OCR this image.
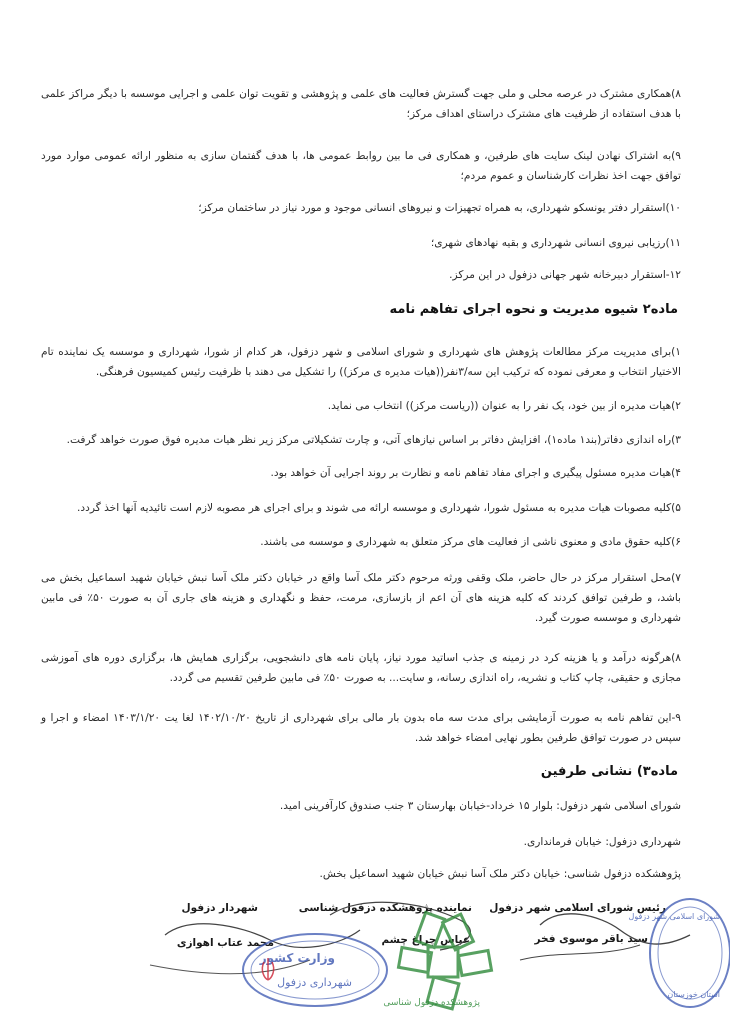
۸)همکاری مشترک در عرصه محلی و ملی جهت گسترش فعالیت های علمی و پژوهشی و تقویت توان علمی و اجرایی موسسه با دیگر مراکز علمی با هدف استفاده از ظرفیت های مشترک دراستای اهداف مرکز؛

۹)به اشتراک نهادن لینک سایت های طرفین، و همکاری فی ما بین روابط عمومی ها، با هدف گفتمان سازی به منظور ارائه عمومی موارد مورد توافق جهت اخذ نظرات کارشناسان و عموم مردم؛

۱۰)استقرار دفتر یونسکو شهرداری، به همراه تجهیزات و نیروهای انسانی موجود و مورد نیاز در ساختمان مرکز؛

۱۱)رزیابی نیروی انسانی شهرداری و بقیه نهادهای شهری؛

۱۲-استقرار دبیرخانه شهر جهانی دزفول در این مرکز.

ماده۲ شیوه مدیریت و نحوه اجرای تفاهم نامه

۱)برای مدیریت مرکز مطالعات پژوهش های شهرداری و شورای اسلامی و شهر دزفول، هر کدام از شورا، شهرداری و موسسه یک نماینده تام الاختیار انتخاب و معرفی نموده که ترکیب این سه/۳نفر((هیات مدیره ی مرکز)) را تشکیل می دهند با ظرفیت رئیس کمیسیون فرهنگی.

۲)هیات مدیره از بین خود، یک نفر را به عنوان ((ریاست مرکز)) انتخاب می نماید.

۳)راه اندازی دفاتر(بند۱ ماده۱)، افزایش دفاتر بر اساس نیازهای آتی، و چارت تشکیلاتی مرکز زیر نظر هیات مدیره فوق صورت خواهد گرفت.

۴)هیات مدیره مسئول پیگیری و اجرای مفاد تفاهم نامه و نظارت بر روند اجرایی آن خواهد بود.

۵)کلیه مصوبات هیات مدیره به مسئول شورا، شهرداری و موسسه ارائه می شوند و برای اجرای هر مصوبه لازم است تائیدیه آنها اخذ گردد.

۶)کلیه حقوق مادی و معنوی ناشی از فعالیت های مرکز متعلق به شهرداری و موسسه می باشند.

۷)محل استقرار مرکز در حال حاضر، ملک وقفی ورثه مرحوم دکتر ملک آسا واقع در خیابان دکتر ملک آسا نبش خیابان شهید اسماعیل بخش می باشد، و طرفین توافق کردند که کلیه هزینه های آن اعم از بازسازی، مرمت، حفظ و نگهداری و هزینه های جاری آن به صورت ۵۰٪ فی مابین شهرداری و موسسه صورت گیرد.

۸)هرگونه درآمد و یا هزینه کرد در زمینه ی جذب اساتید مورد نیاز، پایان نامه های دانشجویی، برگزاری همایش ها، برگزاری دوره های آموزشی مجازی و حقیقی، چاپ کتاب و نشریه، راه اندازی رسانه، و سایت... به صورت ۵۰٪ فی مابین طرفین تقسیم می گردد.

۹-این تفاهم نامه به صورت آزمایشی برای مدت سه ماه بدون بار مالی برای شهرداری از تاریخ ۱۴۰۲/۱۰/۲۰ لغا یت ۱۴۰۳/۱/۲۰ امضاء و اجرا و سپس در صورت توافق طرفین بطور نهایی امضاء خواهد شد.

ماده۳) نشانی طرفین

شورای اسلامی شهر دزفول: بلوار ۱۵ خرداد-خیابان بهارستان ۳ جنب صندوق کارآفرینی امید.

شهرداری دزفول: خیابان فرمانداری.

پژوهشکده دزفول شناسی: خیابان دکتر ملک آسا نبش خیابان شهید اسماعیل بخش.

رئیس شورای اسلامی شهر دزفول
سید باقر موسوی فخر
نماینده پژوهشکده دزفول شناسی
عباس چراغ چشم
شهردار دزفول
محمد عتاب اهوازی
وزارت کشور
شهرداری دزفول
پژوهشکده دزفول شناسی
شورای اسلامی شهر دزفول
استان خوزستان
